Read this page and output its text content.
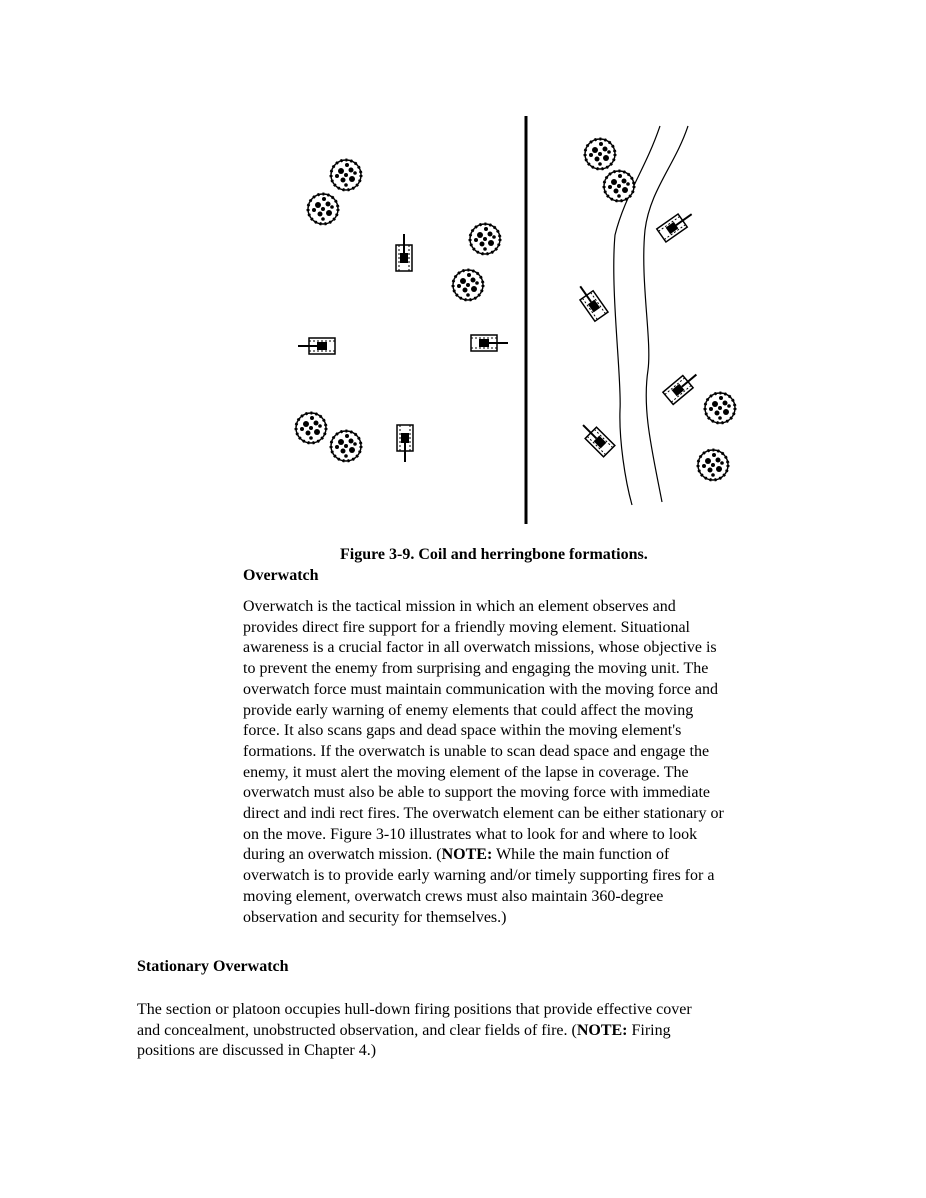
Figure 3-9. Coil and herringbone formations.

Overwatch

Overwatch is the tactical mission in which an element observes and
provides direct fire support for a friendly moving element. Situational
awareness is a crucial factor in all overwatch missions, whose objective is
to prevent the enemy from surprising and engaging the moving unit. The
overwatch force must maintain communication with the moving force and
provide early warning of enemy elements that could affect the moving
force. It also scans gaps and dead space within the moving element's
formations. If the overwatch is unable to scan dead space and engage the
enemy, it must alert the moving element of the lapse in coverage. The
overwatch must also be able to support the moving force with immediate
direct and indi rect fires. The overwatch element can be either stationary or
on the move. Figure 3-10 illustrates what to look for and where to look
during an overwatch mission. (NOTE: While the main function of
overwatch is to provide early warning and/or timely supporting fires for a
moving element, overwatch crews must also maintain 360-degree
observation and security for themselves.)

Stationary Overwatch

The section or platoon occupies hull-down firing positions that provide effective cover
and concealment, unobstructed observation, and clear fields of fire. (NOTE: Firing
positions are discussed in Chapter 4.)
